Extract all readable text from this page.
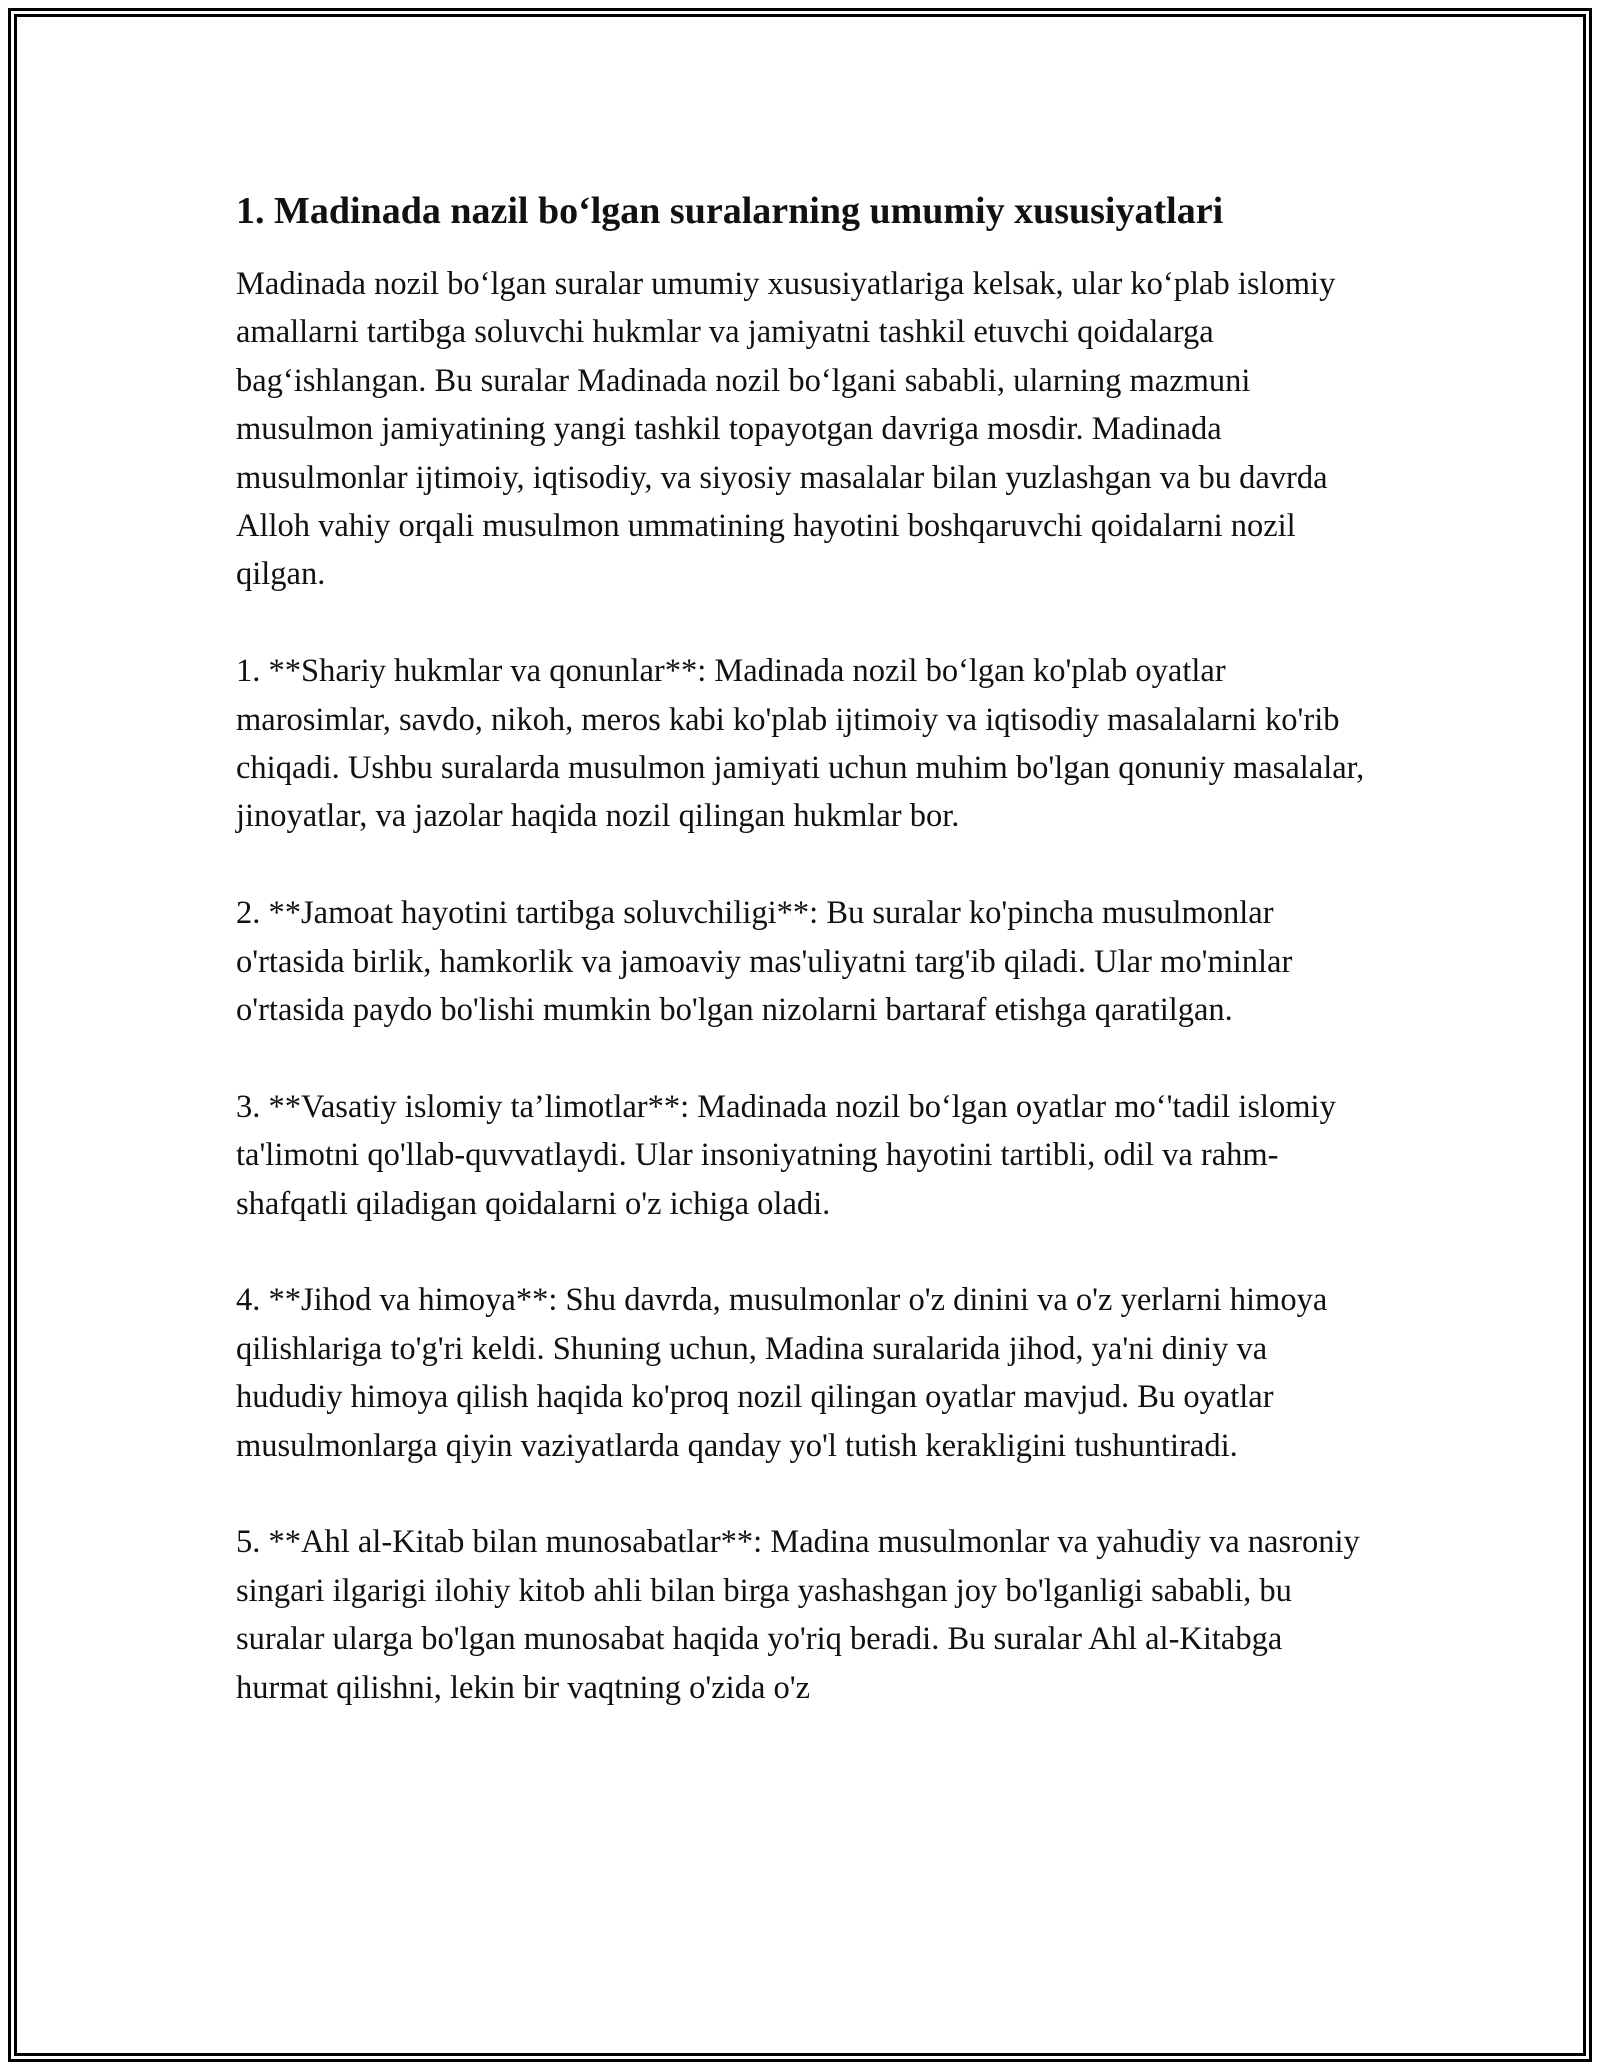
1. Madinada nazil bo‘lgan suralarning umumiy xususiyatlari

Madinada nozil bo‘lgan suralar umumiy xususiyatlariga kelsak, ular ko‘plab islomiy amallarni tartibga soluvchi hukmlar va jamiyatni tashkil etuvchi qoidalarga bag‘ishlangan. Bu suralar Madinada nozil bo‘lgani sababli, ularning mazmuni musulmon jamiyatining yangi tashkil topayotgan davriga mosdir. Madinada musulmonlar ijtimoiy, iqtisodiy, va siyosiy masalalar bilan yuzlashgan va bu davrda Alloh vahiy orqali musulmon ummatining hayotini boshqaruvchi qoidalarni nozil qilgan.

1. **Shariy hukmlar va qonunlar**: Madinada nozil bo‘lgan ko'plab oyatlar marosimlar, savdo, nikoh, meros kabi ko'plab ijtimoiy va iqtisodiy masalalarni ko'rib chiqadi. Ushbu suralarda musulmon jamiyati uchun muhim bo'lgan qonuniy masalalar, jinoyatlar, va jazolar haqida nozil qilingan hukmlar bor.

2. **Jamoat hayotini tartibga soluvchiligi**: Bu suralar ko'pincha musulmonlar o'rtasida birlik, hamkorlik va jamoaviy mas'uliyatni targ'ib qiladi. Ular mo'minlar o'rtasida paydo bo'lishi mumkin bo'lgan nizolarni bartaraf etishga qaratilgan.

3. **Vasatiy islomiy ta’limotlar**: Madinada nozil bo‘lgan oyatlar mo‘'tadil islomiy ta'limotni qo'llab-quvvatlaydi. Ular insoniyatning hayotini tartibli, odil va rahm-shafqatli qiladigan qoidalarni o'z ichiga oladi.

4. **Jihod va himoya**: Shu davrda, musulmonlar o'z dinini va o'z yerlarni himoya qilishlariga to'g'ri keldi. Shuning uchun, Madina suralarida jihod, ya'ni diniy va hududiy himoya qilish haqida ko'proq nozil qilingan oyatlar mavjud. Bu oyatlar musulmonlarga qiyin vaziyatlarda qanday yo'l tutish kerakligini tushuntiradi.

5. **Ahl al-Kitab bilan munosabatlar**: Madina musulmonlar va yahudiy va nasroniy singari ilgarigi ilohiy kitob ahli bilan birga yashashgan joy bo'lganligi sababli, bu suralar ularga bo'lgan munosabat haqida yo'riq beradi. Bu suralar Ahl al-Kitabga hurmat qilishni, lekin bir vaqtning o'zida o'z
